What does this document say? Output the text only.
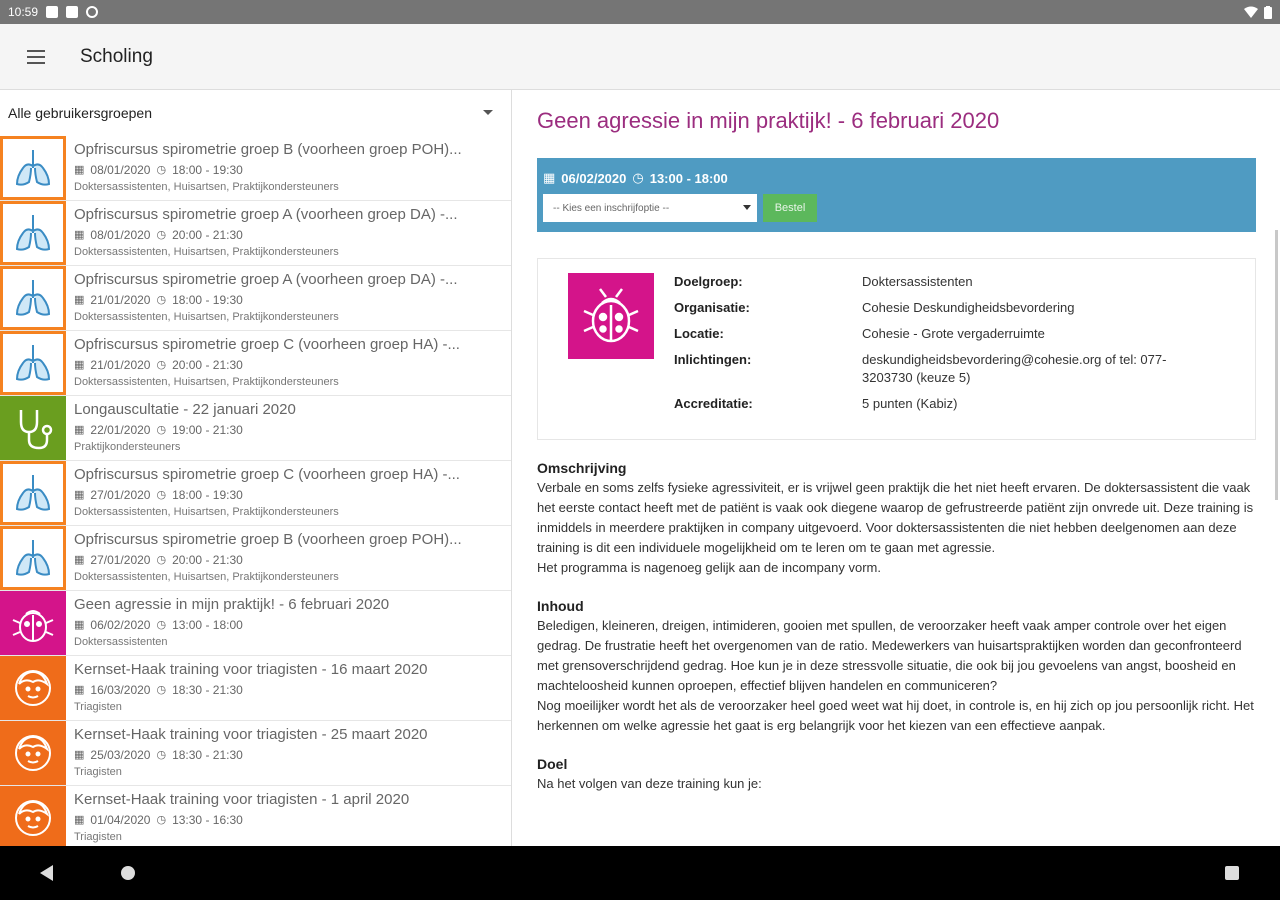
10:59
Scholing
Alle gebruikersgroepen
Opfriscursus spirometrie groep B (voorheen groep POH)...
▦ 08/01/2020 ◷ 18:00 - 19:30
Doktersassistenten, Huisartsen, Praktijkondersteuners
Opfriscursus spirometrie groep A (voorheen groep DA) -...
▦ 08/01/2020 ◷ 20:00 - 21:30
Doktersassistenten, Huisartsen, Praktijkondersteuners
Opfriscursus spirometrie groep A (voorheen groep DA) -...
▦ 21/01/2020 ◷ 18:00 - 19:30
Doktersassistenten, Huisartsen, Praktijkondersteuners
Opfriscursus spirometrie groep C (voorheen groep HA) -...
▦ 21/01/2020 ◷ 20:00 - 21:30
Doktersassistenten, Huisartsen, Praktijkondersteuners
Longauscultatie - 22 januari 2020
▦ 22/01/2020 ◷ 19:00 - 21:30
Praktijkondersteuners
Opfriscursus spirometrie groep C (voorheen groep HA) -...
▦ 27/01/2020 ◷ 18:00 - 19:30
Doktersassistenten, Huisartsen, Praktijkondersteuners
Opfriscursus spirometrie groep B (voorheen groep POH)...
▦ 27/01/2020 ◷ 20:00 - 21:30
Doktersassistenten, Huisartsen, Praktijkondersteuners
Geen agressie in mijn praktijk! - 6 februari 2020
▦ 06/02/2020 ◷ 13:00 - 18:00
Doktersassistenten
Kernset-Haak training voor triagisten - 16 maart 2020
▦ 16/03/2020 ◷ 18:30 - 21:30
Triagisten
Kernset-Haak training voor triagisten - 25 maart 2020
▦ 25/03/2020 ◷ 18:30 - 21:30
Triagisten
Kernset-Haak training voor triagisten - 1 april 2020
▦ 01/04/2020 ◷ 13:30 - 16:30
Triagisten
Geen agressie in mijn praktijk! - 6 februari 2020
▦ 06/02/2020 ◷ 13:00 - 18:00
-- Kies een inschrijfoptie --	Bestel
Doelgroep:	Doktersassistenten
Organisatie:	Cohesie Deskundigheidsbevordering
Locatie:	Cohesie - Grote vergaderruimte
Inlichtingen:	deskundigheidsbevordering@cohesie.org of tel: 077-3203730 (keuze 5)
Accreditatie:	5 punten (Kabiz)
Omschrijving
Verbale en soms zelfs fysieke agressiviteit, er is vrijwel geen praktijk die het niet heeft ervaren. De doktersassistent die vaak het eerste contact heeft met de patiënt is vaak ook diegene waarop de gefrustreerde patiënt zijn onvrede uit. Deze training is inmiddels in meerdere praktijken in company uitgevoerd. Voor doktersassistenten die niet hebben deelgenomen aan deze training is dit een individuele mogelijkheid om te leren om te gaan met agressie.
Het programma is nagenoeg gelijk aan de incompany vorm.
Inhoud
Beledigen, kleineren, dreigen, intimideren, gooien met spullen, de veroorzaker heeft vaak amper controle over het eigen gedrag. De frustratie heeft het overgenomen van de ratio. Medewerkers van huisartspraktijken worden dan geconfronteerd met grensoverschrijdend gedrag. Hoe kun je in deze stressvolle situatie, die ook bij jou gevoelens van angst, boosheid en machteloosheid kunnen oproepen, effectief blijven handelen en communiceren?
Nog moeilijker wordt het als de veroorzaker heel goed weet wat hij doet, in controle is, en hij zich op jou persoonlijk richt. Het herkennen om welke agressie het gaat is erg belangrijk voor het kiezen van een effectieve aanpak.
Doel
Na het volgen van deze training kun je:
